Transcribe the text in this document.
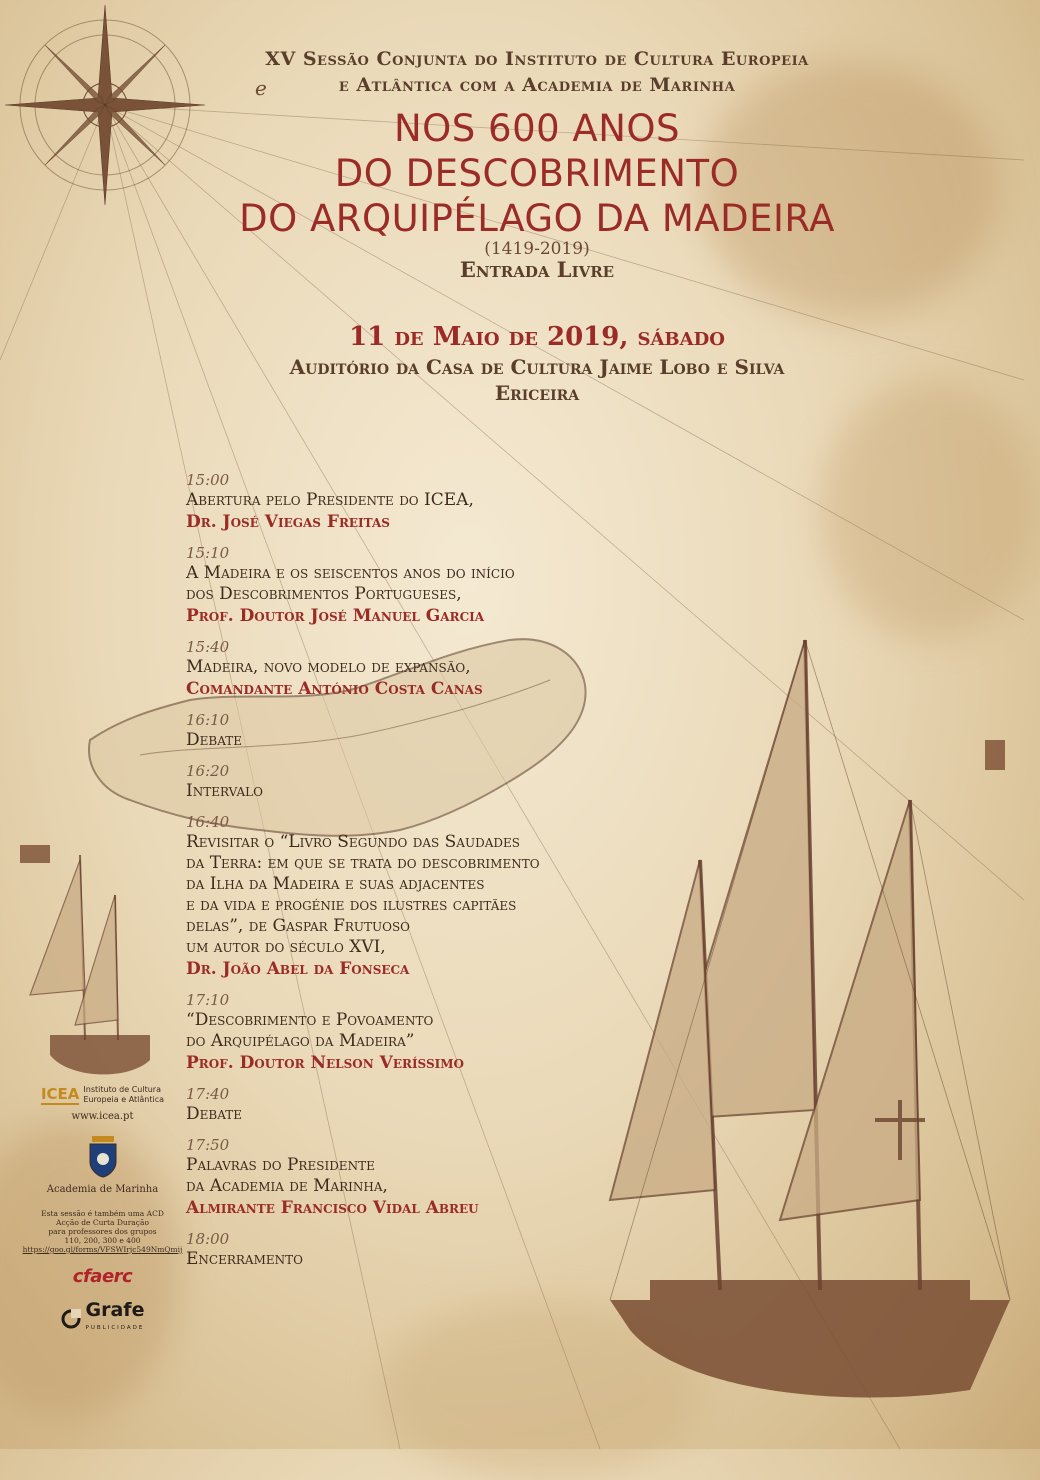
e
XV Sessão Conjunta do Instituto de Cultura Europeia
e Atlântica com a Academia de Marinha
NOS 600 ANOS
DO DESCOBRIMENTO
DO ARQUIPÉLAGO DA MADEIRA
(1419-2019)
Entrada Livre
11 de Maio de 2019, sábado
Auditório da Casa de Cultura Jaime Lobo e Silva
Ericeira
15:00
Abertura pelo Presidente do ICEA,
Dr. José Viegas Freitas
15:10
A Madeira e os seiscentos anos do início
dos Descobrimentos Portugueses,
Prof. Doutor José Manuel Garcia
15:40
Madeira, novo modelo de expansão,
Comandante António Costa Canas
16:10
Debate
16:20
Intervalo
16:40
Revisitar o “Livro Segundo das Saudades
da Terra: em que se trata do descobrimento
da Ilha da Madeira e suas adjacentes
e da vida e progénie dos ilustres capitães
delas”, de Gaspar Frutuoso
um autor do século XVI,
Dr. João Abel da Fonseca
17:10
“Descobrimento e Povoamento
do Arquipélago da Madeira”
Prof. Doutor Nelson Veríssimo
17:40
Debate
17:50
Palavras do Presidente
da Academia de Marinha,
Almirante Francisco Vidal Abreu
18:00
Encerramento
ICEA Instituto de Cultura
Europeia e Atlântica
www.icea.pt
Academia de Marinha
Esta sessão é também uma ACD
Acção de Curta Duração
para professores dos grupos
110, 200, 300 e 400
https://goo.gl/forms/VFSWIrjc549NmQmij
cfaerc
Grafe
PUBLICIDADE
